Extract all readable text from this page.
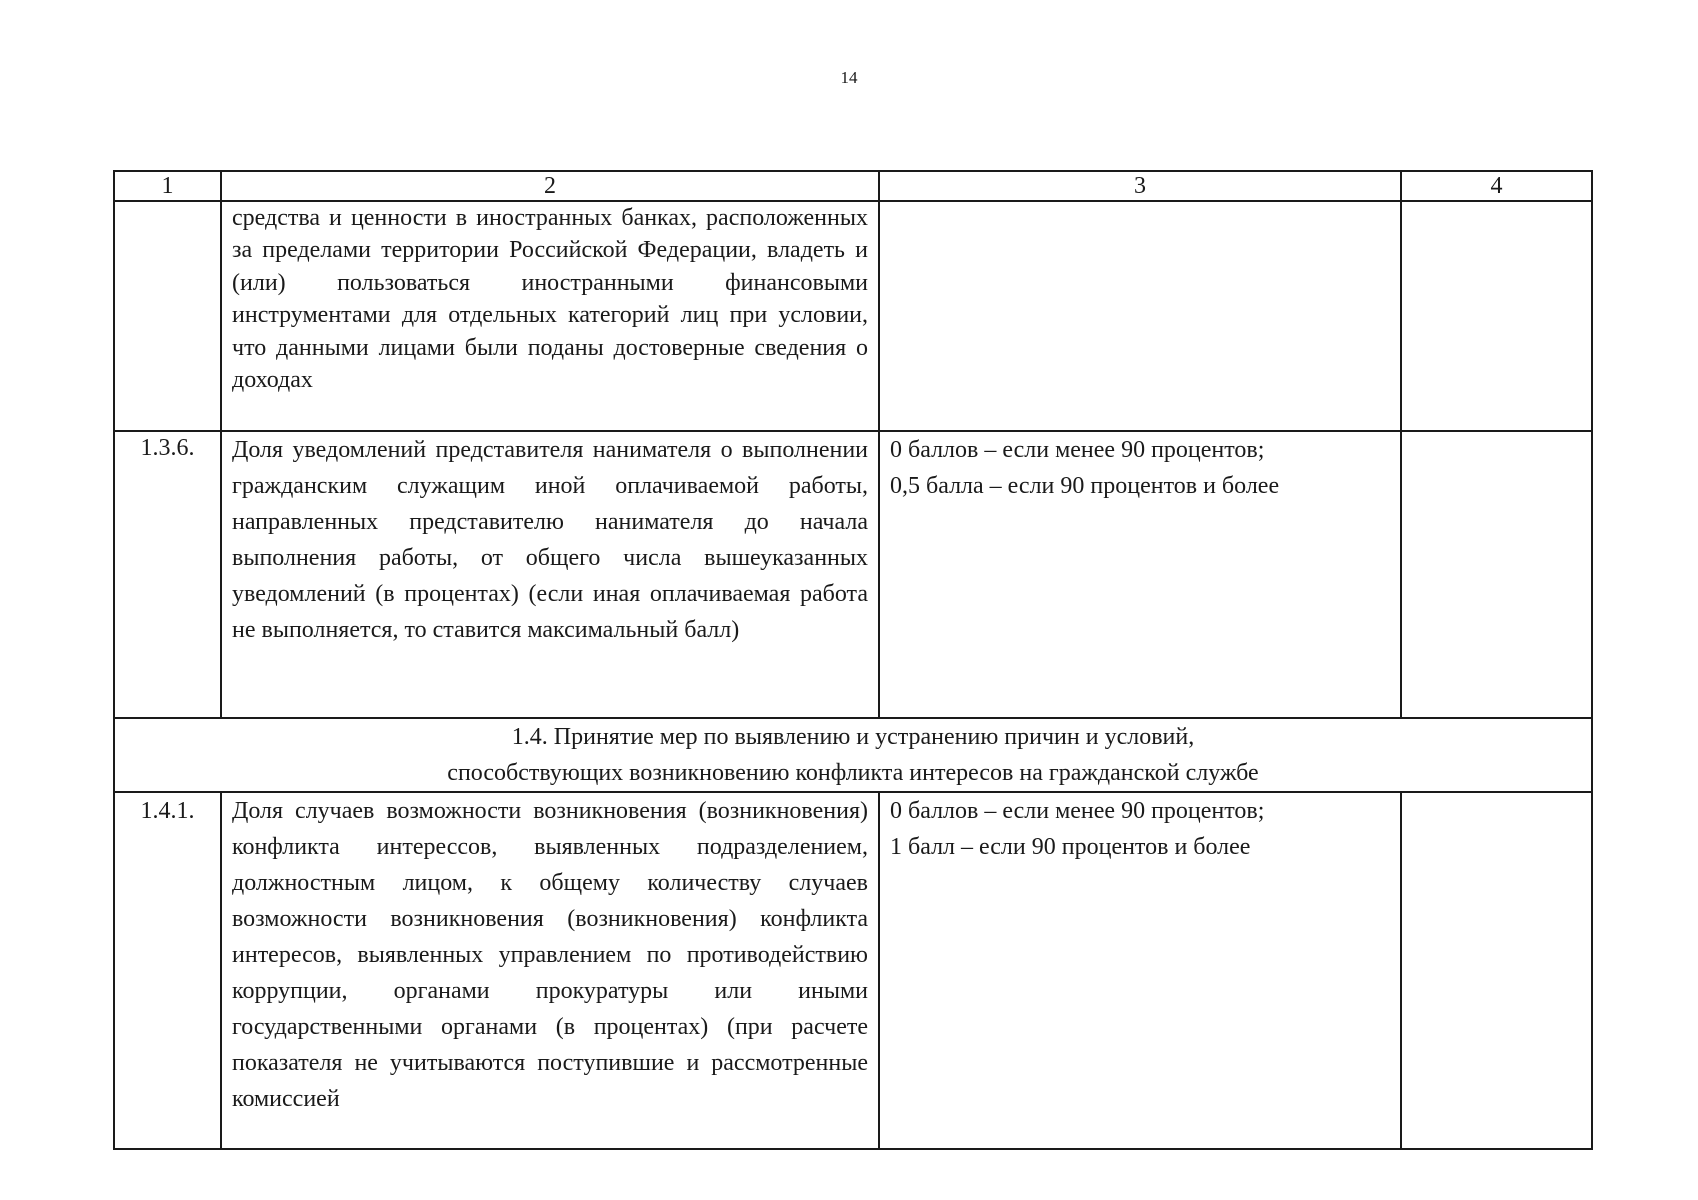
14
1	2	3	4
	средства и ценности в иностранных банках, расположенных за пределами территории Российской Федерации, владеть и (или) пользоваться иностранными финансовыми инструментами для отдельных категорий лиц при условии, что данными лицами были поданы достоверные сведения о доходах		
1.3.6.	Доля уведомлений представителя нанимателя о выполнении гражданским служащим иной оплачиваемой работы, направленных представителю нанимателя до начала выполнения работы, от общего числа вышеуказанных уведомлений (в процентах) (если иная оплачиваемая работа не выполняется, то ставится максимальный балл)	0 баллов – если менее 90 процентов;
0,5 балла – если 90 процентов и более	

1.4. Принятие мер по выявлению и устранению причин и условий,
способствующих возникновению конфликта интересов на гражданской службе			

1.4.1.	Доля случаев возможности возникновения (возникновения) конфликта интерессов, выявленных подразделением, должностным лицом, к общему количеству случаев возможности возникновения (возникновения) конфликта интересов, выявленных управлением по противодействию коррупции, органами прокуратуры или иными государственными органами (в процентах) (при расчете показателя не учитываются поступившие и рассмотренные комиссией	0 баллов – если менее 90 процентов;
1 балл – если 90 процентов и более	
